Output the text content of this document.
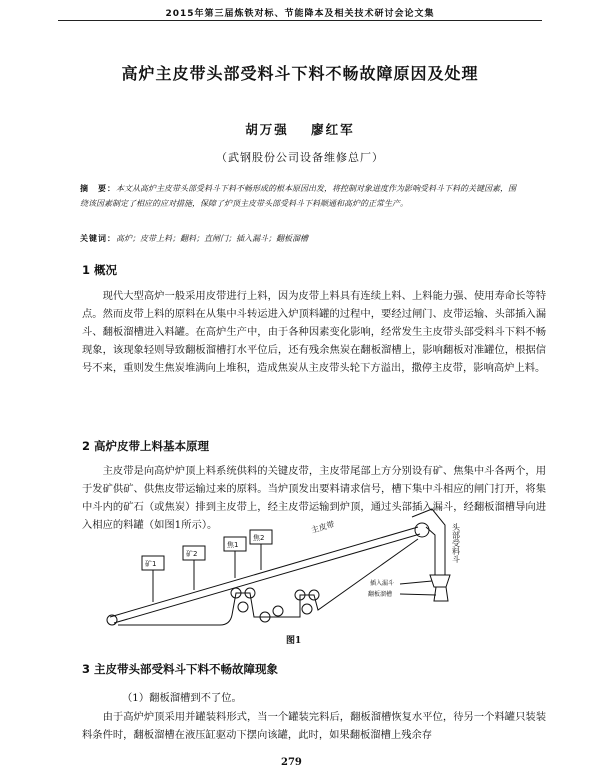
2015年第三届炼铁对标、节能降本及相关技术研讨会论文集
高炉主皮带头部受料斗下料不畅故障原因及处理
胡万强 廖红军
（武钢股份公司设备维修总厂）
摘　要：本文从高炉主皮带头部受料斗下料不畅形成的根本原因出发，将控制对象进度作为影响受料斗下料的关键因素，围绕该因素制定了相应的应对措施，保障了炉顶主皮带头部受料斗下料顺通和高炉的正常生产。
关键词：高炉；皮带上料；翻料；直闸门；插入漏斗；翻板溜槽
1 概况

现代大型高炉一般采用皮带进行上料，因为皮带上料具有连续上料、上料能力强、使用寿命长等特点。然而皮带上料的原料在从集中斗转运进入炉顶料罐的过程中，要经过闸门、皮带运输、头部插入漏斗、翻板溜槽进入料罐。在高炉生产中，由于各种因素变化影响，经常发生主皮带头部受料斗下料不畅现象，该现象轻则导致翻板溜槽打水平位后，还有残余焦炭在翻板溜槽上，影响翻板对准罐位，根据信号不来，重则发生焦炭堆满向上堆积，造成焦炭从主皮带头轮下方溢出，撒停主皮带，影响高炉上料。

2 高炉皮带上料基本原理

主皮带是向高炉炉顶上料系统供料的关键皮带，主皮带尾部上方分别设有矿、焦集中斗各两个，用于发矿供矿、供焦皮带运输过来的原料。当炉顶发出要料请求信号，槽下集中斗相应的闸门打开，将集中斗内的矿石（或焦炭）排到主皮带上，经主皮带运输到炉顶，通过头部插入漏斗，经翻板溜槽导向进入相应的料罐（如图1所示）。

矿1
矿2
焦1
焦2
主皮带
插入漏斗
翻板溜槽
头部受料斗
图1
3 主皮带头部受料斗下料不畅故障现象
（1）翻板溜槽到不了位。

由于高炉炉顶采用并罐装料形式，当一个罐装完料后，翻板溜槽恢复水平位，待另一个料罐只装装料条件时，翻板溜槽在液压缸驱动下摆向该罐，此时，如果翻板溜槽上残余存

279
